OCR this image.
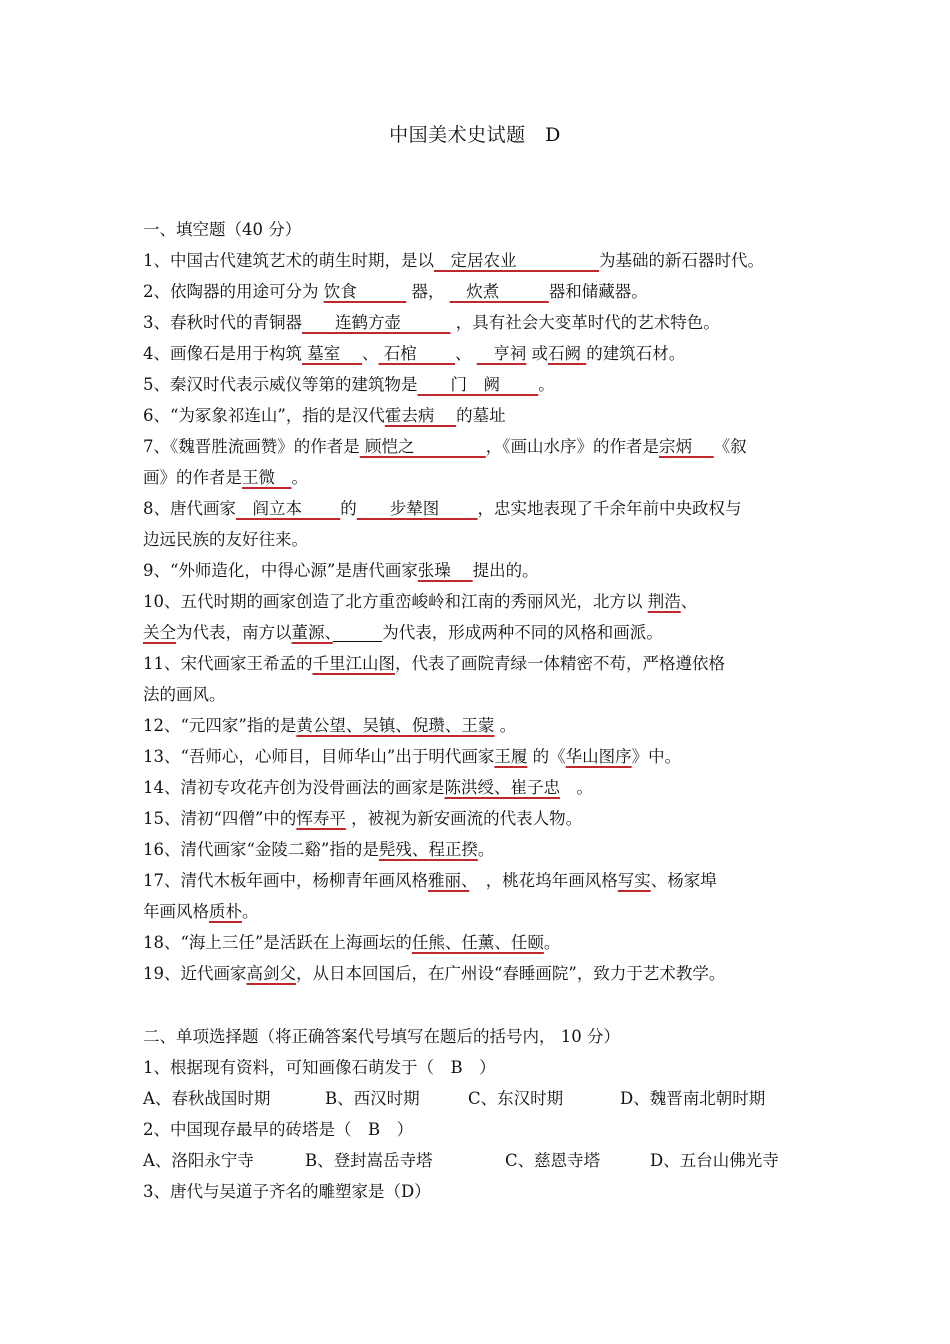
中国美术史试题　D
一、填空题（40 分）
1、中国古代建筑艺术的萌生时期，是以　定居农业　　　　　为基础的新石器时代。
2、依陶器的用途可分为 饮食　　　 器， 　炊煮　　　器和储藏器。
3、春秋时代的青铜器　　连鹤方壶　　　 ，具有社会大变革时代的艺术特色。
4、画像石是用于构筑 墓室　 、 石棺　　 、 　亨祠 或石阙 的建筑石材。
5、秦汉时代表示威仪等第的建筑物是　　门　阙　　 。
6、“为冢象祁连山”，指的是汉代霍去病　 的墓址
7、《魏晋胜流画赞》的作者是 顾恺之　　　　 ，《画山水序》的作者是宗炳　 《叙
画》的作者是王微　。
8、唐代画家　阎立本　　 的　　步辇图　　 ，忠实地表现了千余年前中央政权与
边远民族的友好往来。
9、“外师造化，中得心源”是唐代画家张璪　 提出的。
10、五代时期的画家创造了北方重峦峻岭和江南的秀丽风光，北方以 荆浩、
关仝为代表，南方以董源、　　　	为代表，形成两种不同的风格和画派。
11、宋代画家王希孟的千里江山图，代表了画院青绿一体精密不苟，严格遵依格
法的画风。
12、“元四家”指的是黄公望、吴镇、倪瓒、王蒙 。
13、“吾师心，心师目，目师华山”出于明代画家王履 的《华山图序》中。
14、清初专攻花卉创为没骨画法的画家是陈洪绶、崔子忠　。
15、清初“四僧”中的恽寿平 ，被视为新安画流的代表人物。
16、清代画家“金陵二谿”指的是髡残、程正揆。
17、清代木板年画中，杨柳青年画风格雅丽、　，桃花坞年画风格写实、杨家埠
年画风格质朴。
18、“海上三任”是活跃在上海画坛的任熊、任薰、任颐。
19、近代画家高剑父，从日本回国后，在广州设“春睡画院”，致力于艺术教学。
二、单项选择题（将正确答案代号填写在题后的括号内， 10 分）
1、根据现有资料，可知画像石萌发于（　B　）
A、春秋战国时期	B、西汉时期	C、东汉时期	D、魏晋南北朝时期
2、中国现存最早的砖塔是（　B　）
A、洛阳永宁寺	B、登封嵩岳寺塔	C、慈恩寺塔	D、五台山佛光寺
3、唐代与吴道子齐名的雕塑家是（D）
